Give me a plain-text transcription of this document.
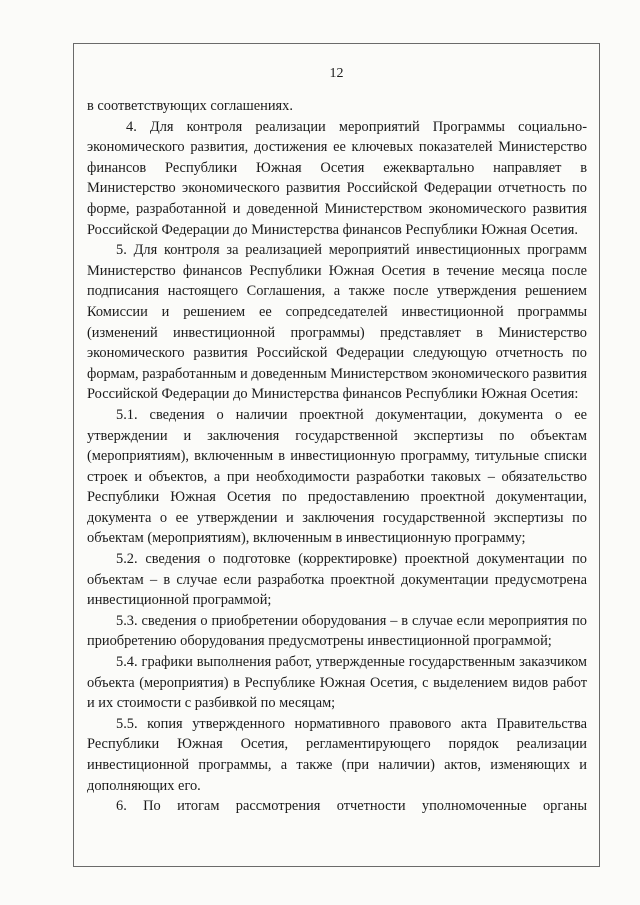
12

в соответствующих соглашениях.

4. Для контроля реализации мероприятий Программы социально-экономического развития, достижения ее ключевых показателей Министерство финансов Республики Южная Осетия ежеквартально направляет в Министерство экономического развития Российской Федерации отчетность по форме, разработанной и доведенной Министерством экономического развития Российской Федерации до Министерства финансов Республики Южная Осетия.

5. Для контроля за реализацией мероприятий инвестиционных программ Министерство финансов Республики Южная Осетия в течение месяца после подписания настоящего Соглашения, а также после утверждения решением Комиссии и решением ее сопредседателей инвестиционной программы (изменений инвестиционной программы) представляет в Министерство экономического развития Российской Федерации следующую отчетность по формам, разработанным и доведенным Министерством экономического развития Российской Федерации до Министерства финансов Республики Южная Осетия:

5.1. сведения о наличии проектной документации, документа о ее утверждении и заключения государственной экспертизы по объектам (мероприятиям), включенным в инвестиционную программу, титульные списки строек и объектов, а при необходимости разработки таковых – обязательство Республики Южная Осетия по предоставлению проектной документации, документа о ее утверждении и заключения государственной экспертизы по объектам (мероприятиям), включенным в инвестиционную программу;

5.2. сведения о подготовке (корректировке) проектной документации по объектам – в случае если разработка проектной документации предусмотрена инвестиционной программой;

5.3. сведения о приобретении оборудования – в случае если мероприятия по приобретению оборудования предусмотрены инвестиционной программой;

5.4. графики выполнения работ, утвержденные государственным заказчиком объекта (мероприятия) в Республике Южная Осетия, с выделением видов работ и их стоимости с разбивкой по месяцам;

5.5. копия утвержденного нормативного правового акта Правительства Республики Южная Осетия, регламентирующего порядок реализации инвестиционной программы, а также (при наличии) актов, изменяющих и дополняющих его.

6. По итогам рассмотрения отчетности уполномоченные органы
